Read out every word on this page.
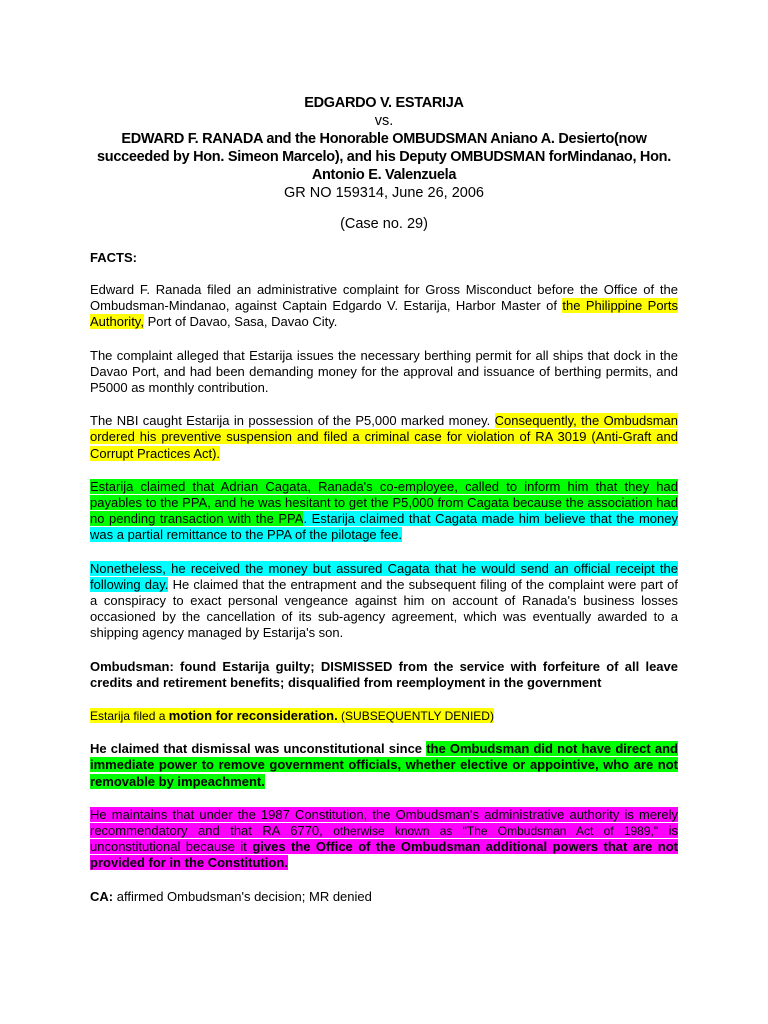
EDGARDO V. ESTARIJA
vs.
EDWARD F. RANADA and the Honorable OMBUDSMAN Aniano A. Desierto(now
succeeded by Hon. Simeon Marcelo), and his Deputy OMBUDSMAN forMindanao, Hon.
Antonio E. Valenzuela
GR NO 159314, June 26, 2006
(Case no. 29)
FACTS:

Edward F. Ranada filed an administrative complaint for Gross Misconduct before the Office of the Ombudsman-Mindanao, against Captain Edgardo V. Estarija, Harbor Master of the Philippine Ports Authority, Port of Davao, Sasa, Davao City.

The complaint alleged that Estarija issues the necessary berthing permit for all ships that dock in the Davao Port, and had been demanding money for the approval and issuance of berthing permits, and P5000 as monthly contribution.

The NBI caught Estarija in possession of the P5,000 marked money. Consequently, the Ombudsman ordered his preventive suspension and filed a criminal case for violation of RA 3019 (Anti-Graft and Corrupt Practices Act).

Estarija claimed that Adrian Cagata, Ranada's co-employee, called to inform him that they had payables to the PPA, and he was hesitant to get the P5,000 from Cagata because the association had no pending transaction with the PPA. Estarija claimed that Cagata made him believe that the money was a partial remittance to the PPA of the pilotage fee.

Nonetheless, he received the money but assured Cagata that he would send an official receipt the following day. He claimed that the entrapment and the subsequent filing of the complaint were part of a conspiracy to exact personal vengeance against him on account of Ranada's business losses occasioned by the cancellation of its sub-agency agreement, which was eventually awarded to a shipping agency managed by Estarija's son.

Ombudsman: found Estarija guilty; DISMISSED from the service with forfeiture of all leave credits and retirement benefits; disqualified from reemployment in the government

Estarija filed a motion for reconsideration. (SUBSEQUENTLY DENIED)

He claimed that dismissal was unconstitutional since the Ombudsman did not have direct and immediate power to remove government officials, whether elective or appointive, who are not removable by impeachment.

He maintains that under the 1987 Constitution, the Ombudsman's administrative authority is merely recommendatory and that RA 6770, otherwise known as "The Ombudsman Act of 1989," is unconstitutional because it gives the Office of the Ombudsman additional powers that are not provided for in the Constitution.

CA: affirmed Ombudsman's decision; MR denied
